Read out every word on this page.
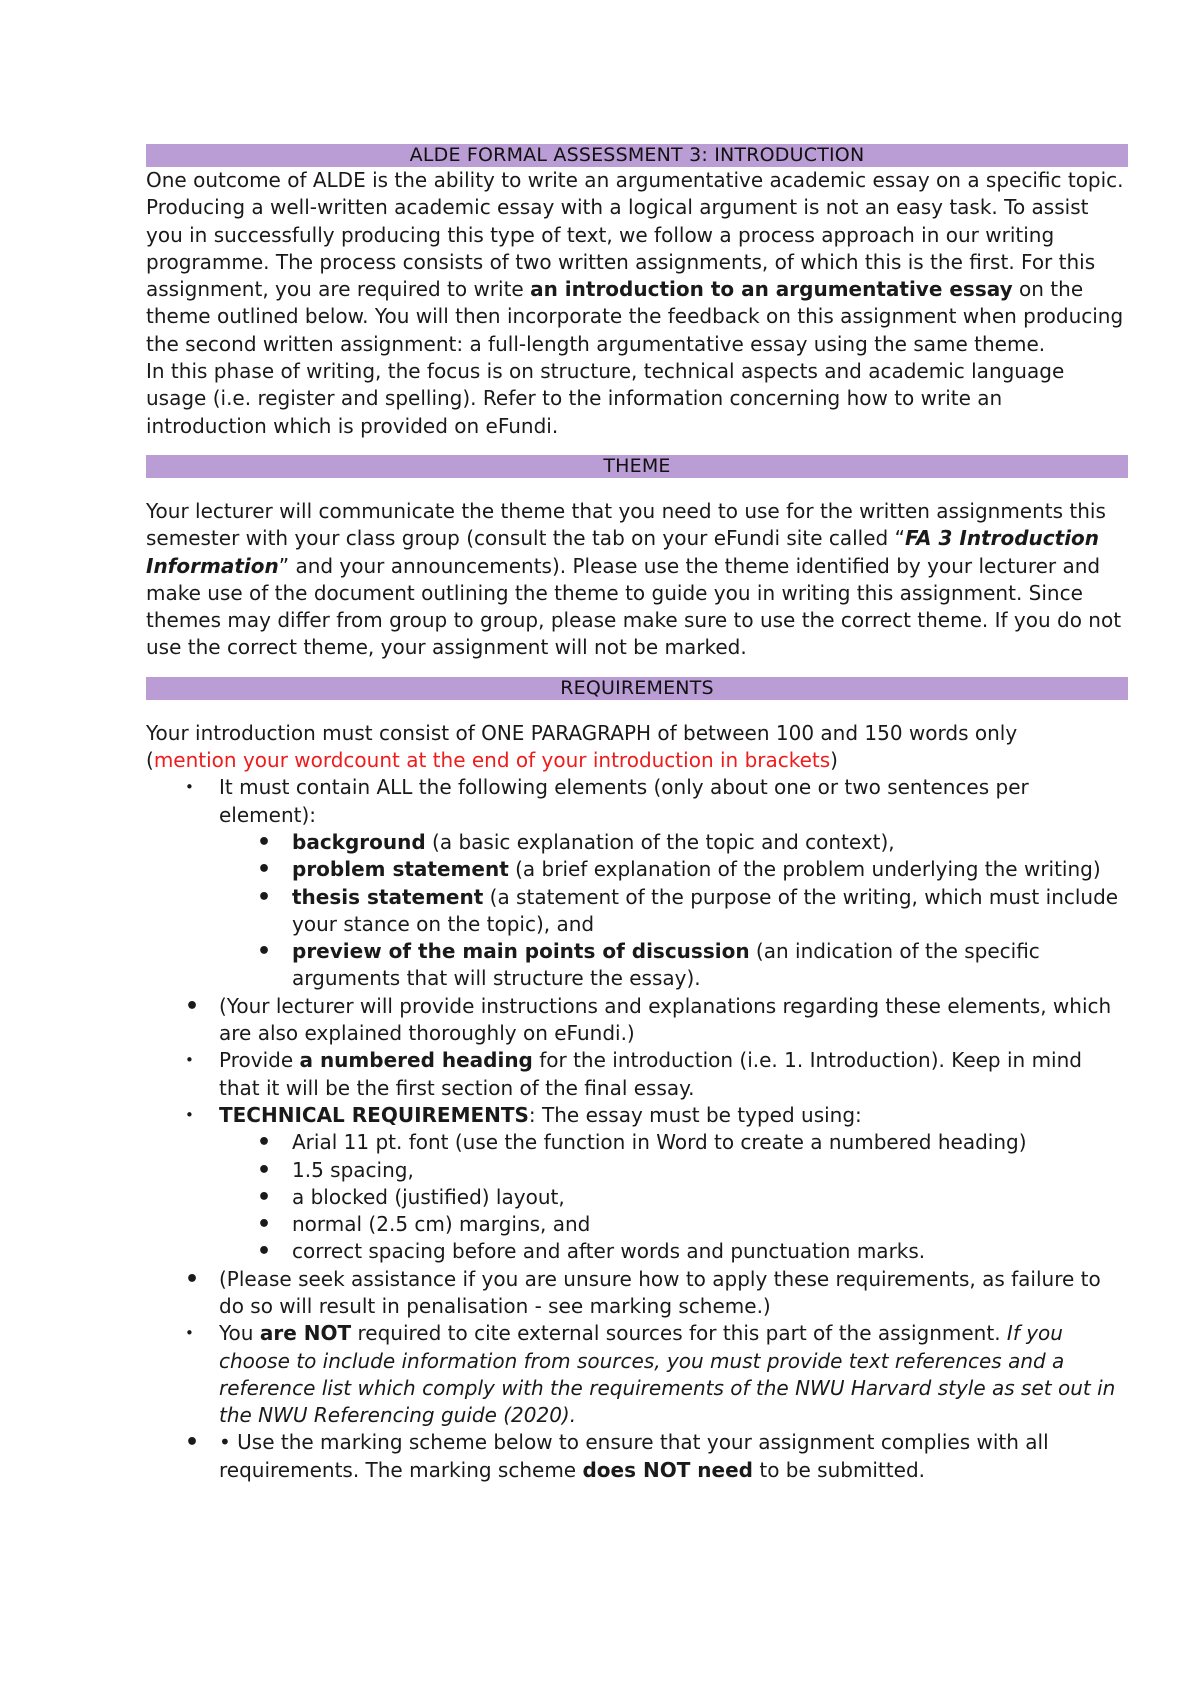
ALDE FORMAL ASSESSMENT 3: INTRODUCTION

One outcome of ALDE is the ability to write an argumentative academic essay on a specific topic. Producing a well-written academic essay with a logical argument is not an easy task. To assist you in successfully producing this type of text, we follow a process approach in our writing programme. The process consists of two written assignments, of which this is the first. For this assignment, you are required to write an introduction to an argumentative essay on the theme outlined below. You will then incorporate the feedback on this assignment when producing the second written assignment: a full-length argumentative essay using the same theme.

In this phase of writing, the focus is on structure, technical aspects and academic language usage (i.e. register and spelling). Refer to the information concerning how to write an introduction which is provided on eFundi.

THEME

Your lecturer will communicate the theme that you need to use for the written assignments this semester with your class group (consult the tab on your eFundi site called “FA 3 Introduction Information” and your announcements). Please use the theme identified by your lecturer and make use of the document outlining the theme to guide you in writing this assignment. Since themes may differ from group to group, please make sure to use the correct theme. If you do not use the correct theme, your assignment will not be marked.

REQUIREMENTS

Your introduction must consist of ONE PARAGRAPH of between 100 and 150 words only
(mention your wordcount at the end of your introduction in brackets)

• It must contain ALL the following elements (only about one or two sentences per element):
• background (a basic explanation of the topic and context),
• problem statement (a brief explanation of the problem underlying the writing)
• thesis statement (a statement of the purpose of the writing, which must include your stance on the topic), and
• preview of the main points of discussion (an indication of the specific arguments that will structure the essay).
• (Your lecturer will provide instructions and explanations regarding these elements, which are also explained thoroughly on eFundi.)
• Provide a numbered heading for the introduction (i.e. 1. Introduction). Keep in mind that it will be the first section of the final essay.
• TECHNICAL REQUIREMENTS: The essay must be typed using:
• Arial 11 pt. font (use the function in Word to create a numbered heading)
• 1.5 spacing,
• a blocked (justified) layout,
• normal (2.5 cm) margins, and
• correct spacing before and after words and punctuation marks.
• (Please seek assistance if you are unsure how to apply these requirements, as failure to do so will result in penalisation - see marking scheme.)
• You are NOT required to cite external sources for this part of the assignment. If you choose to include information from sources, you must provide text references and a reference list which comply with the requirements of the NWU Harvard style as set out in the NWU Referencing guide (2020).
• • Use the marking scheme below to ensure that your assignment complies with all requirements. The marking scheme does NOT need to be submitted.
